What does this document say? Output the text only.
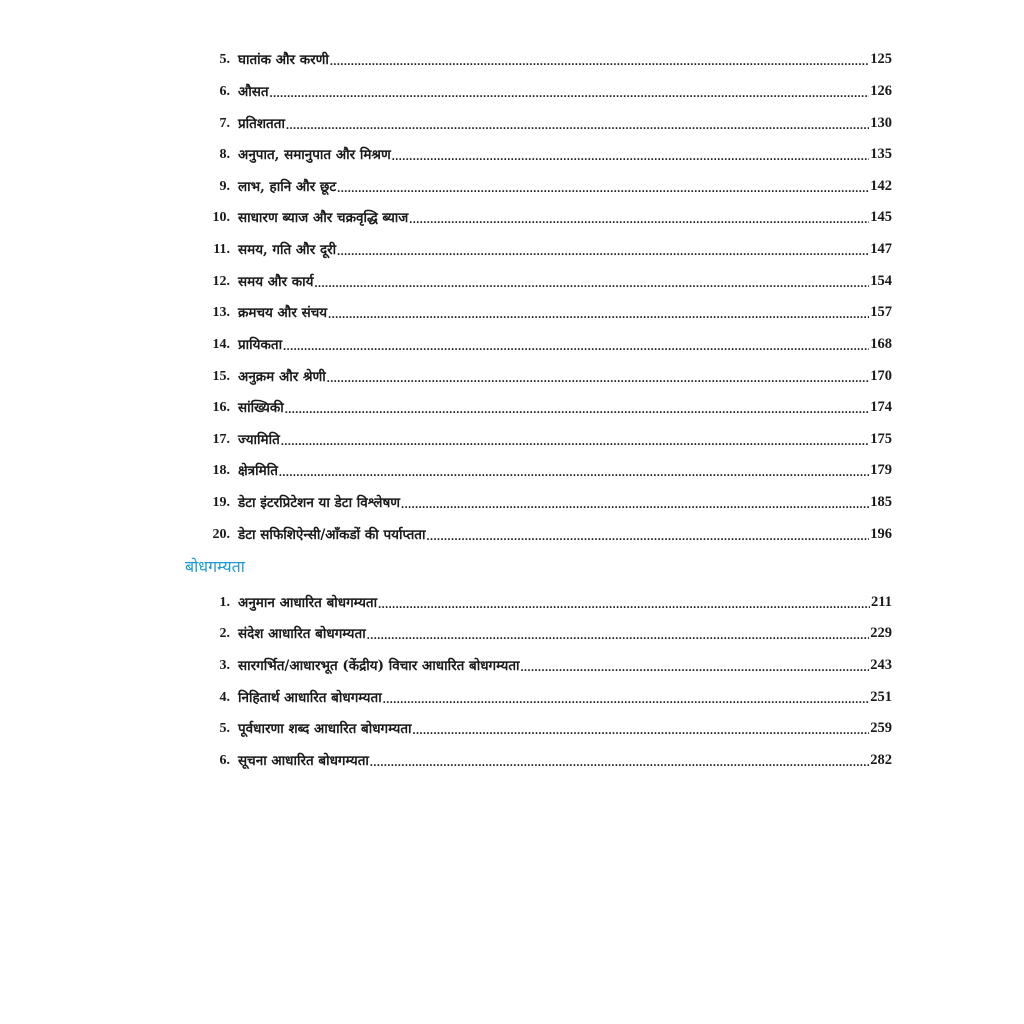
5. घातांक और करणी .....	125
6. औसत .....	126
7. प्रतिशतता .....	130
8. अनुपात, समानुपात और मिश्रण .....	135
9. लाभ, हानि और छूट .....	142
10. साधारण ब्याज और चक्रवृद्धि ब्याज .....	145
11. समय, गति और दूरी .....	147
12. समय और कार्य .....	154
13. क्रमचय और संचय .....	157
14. प्रायिकता .....	168
15. अनुक्रम और श्रेणी .....	170
16. सांख्यिकी .....	174
17. ज्यामिति .....	175
18. क्षेत्रमिति .....	179
19. डेटा इंटरप्रिटेशन या डेटा विश्लेषण .....	185
20. डेटा सफिशिऐन्सी/आँकडों की पर्याप्तता .....	196
बोधगम्यता
1. अनुमान आधारित बोधगम्यता .....	211
2. संदेश आधारित बोधगम्यता .....	229
3. सारगर्भित/आधारभूत (केंद्रीय) विचार आधारित बोधगम्यता .....	243
4. निहितार्थ आधारित बोधगम्यता .....	251
5. पूर्वधारणा शब्द आधारित बोधगम्यता .....	259
6. सूचना आधारित बोधगम्यता .....	282
